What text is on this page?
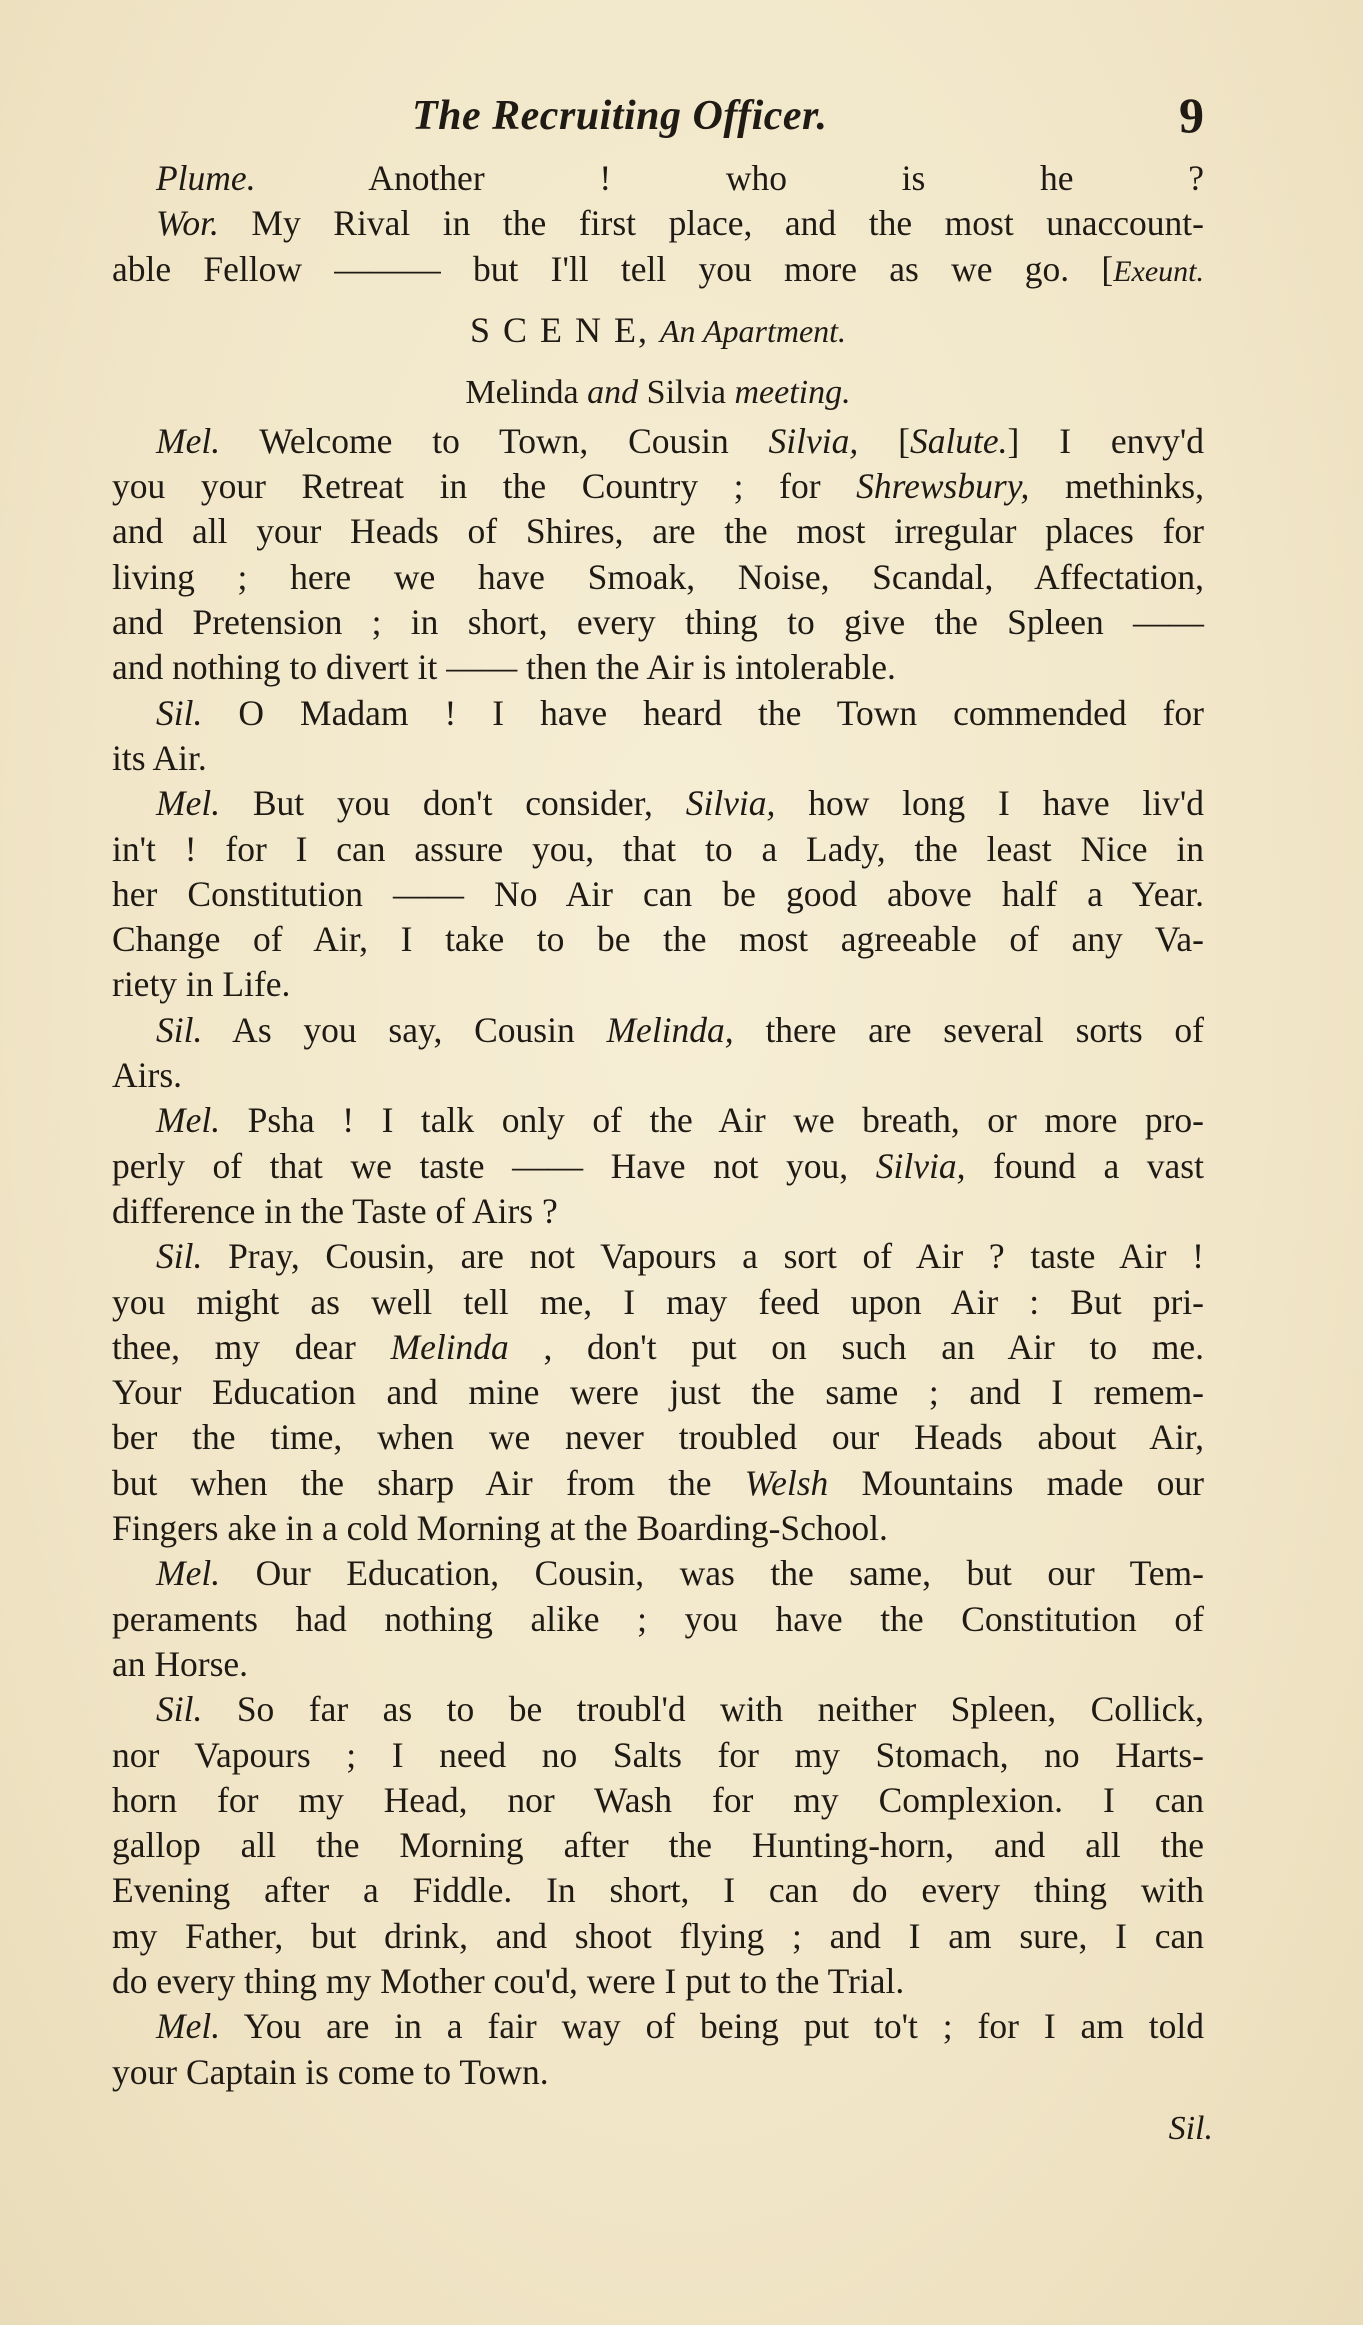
The Recruiting Officer.	9
Plume. Another ! who is he ?
Wor. My Rival in the first place, and the most unaccount-
able Fellow ——— but I'll tell you more as we go. [Exeunt.
S C E N E, An Apartment.
Melinda and Silvia meeting.
Mel. Welcome to Town, Cousin Silvia, [Salute.] I envy'd
you your Retreat in the Country ; for Shrewsbury, methinks,
and all your Heads of Shires, are the most irregular places for
living ; here we have Smoak, Noise, Scandal, Affectation,
and Pretension ; in short, every thing to give the Spleen ——
and nothing to divert it —— then the Air is intolerable.
Sil. O Madam ! I have heard the Town commended for
its Air.
Mel. But you don't consider, Silvia, how long I have liv'd
in't ! for I can assure you, that to a Lady, the least Nice in
her Constitution —— No Air can be good above half a Year.
Change of Air, I take to be the most agreeable of any Va-
riety in Life.
Sil. As you say, Cousin Melinda, there are several sorts of
Airs.
Mel. Psha ! I talk only of the Air we breath, or more pro-
perly of that we taste —— Have not you, Silvia, found a vast
difference in the Taste of Airs ?
Sil. Pray, Cousin, are not Vapours a sort of Air ? taste Air !
you might as well tell me, I may feed upon Air : But pri-
thee, my dear Melinda , don't put on such an Air to me.
Your Education and mine were just the same ; and I remem-
ber the time, when we never troubled our Heads about Air,
but when the sharp Air from the Welsh Mountains made our
Fingers ake in a cold Morning at the Boarding-School.
Mel. Our Education, Cousin, was the same, but our Tem-
peraments had nothing alike ; you have the Constitution of
an Horse.
Sil. So far as to be troubl'd with neither Spleen, Collick,
nor Vapours ; I need no Salts for my Stomach, no Harts-
horn for my Head, nor Wash for my Complexion. I can
gallop all the Morning after the Hunting-horn, and all the
Evening after a Fiddle. In short, I can do every thing with
my Father, but drink, and shoot flying ; and I am sure, I can
do every thing my Mother cou'd, were I put to the Trial.
Mel. You are in a fair way of being put to't ; for I am told
your Captain is come to Town.
Sil.
